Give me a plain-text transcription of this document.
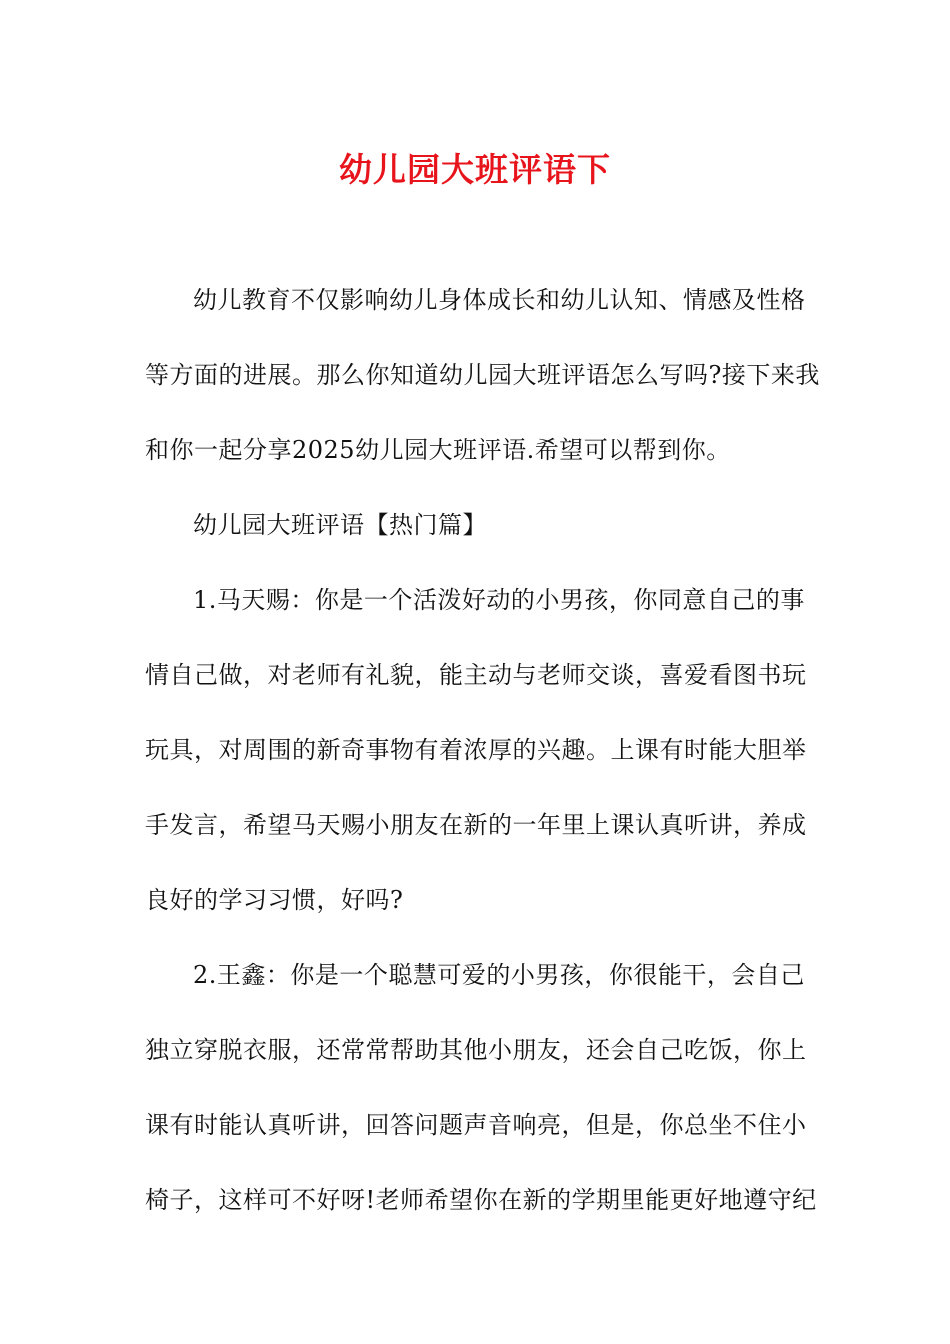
幼儿园大班评语下
幼儿教育不仅影响幼儿身体成长和幼儿认知、情感及性格
等方面的进展。那么你知道幼儿园大班评语怎么写吗?接下来我
和你一起分享2025幼儿园大班评语.希望可以帮到你。
幼儿园大班评语【热门篇】
1.马天赐：你是一个活泼好动的小男孩，你同意自己的事
情自己做，对老师有礼貌，能主动与老师交谈，喜爱看图书玩
玩具，对周围的新奇事物有着浓厚的兴趣。上课有时能大胆举
手发言，希望马天赐小朋友在新的一年里上课认真听讲，养成
良好的学习习惯，好吗?
2.王鑫：你是一个聪慧可爱的小男孩，你很能干，会自己
独立穿脱衣服，还常常帮助其他小朋友，还会自己吃饭，你上
课有时能认真听讲，回答问题声音响亮，但是，你总坐不住小
椅子，这样可不好呀!老师希望你在新的学期里能更好地遵守纪
